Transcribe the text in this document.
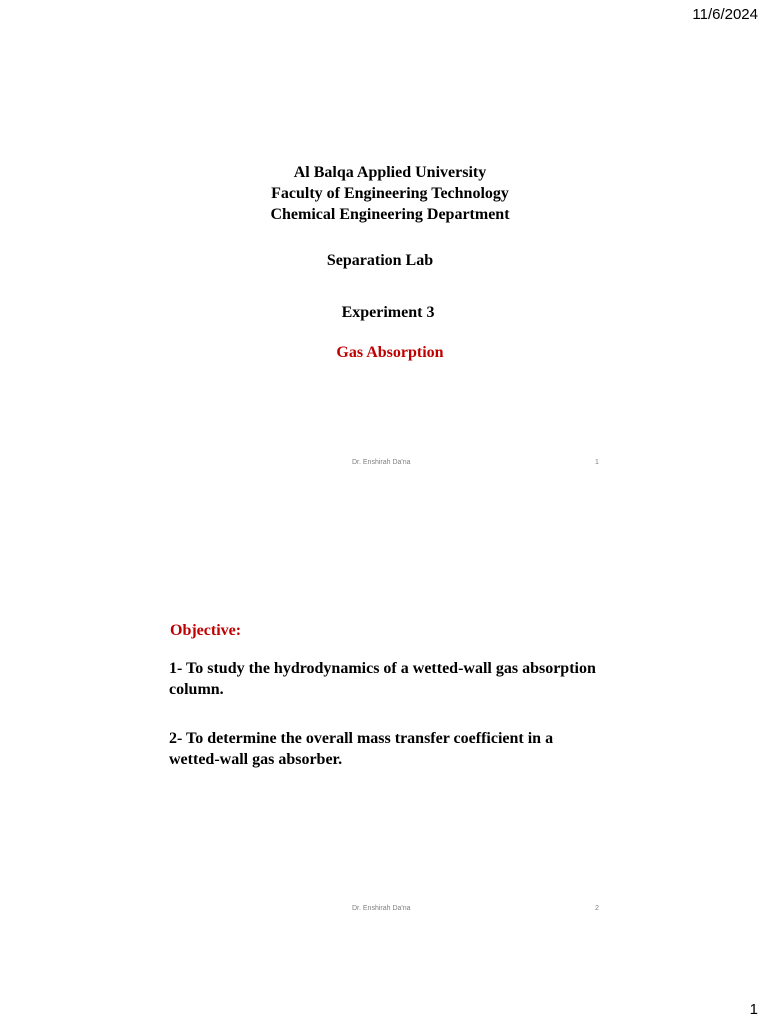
11/6/2024
Al Balqa Applied University
Faculty of Engineering Technology
Chemical Engineering Department
Separation Lab
Experiment 3
Gas Absorption
Dr. Enshirah Da'na	1
Objective:
1- To study the hydrodynamics of a wetted-wall gas absorption column.
2- To determine the overall mass transfer coefficient in a wetted-wall gas absorber.
Dr. Enshirah Da'na	2
1
